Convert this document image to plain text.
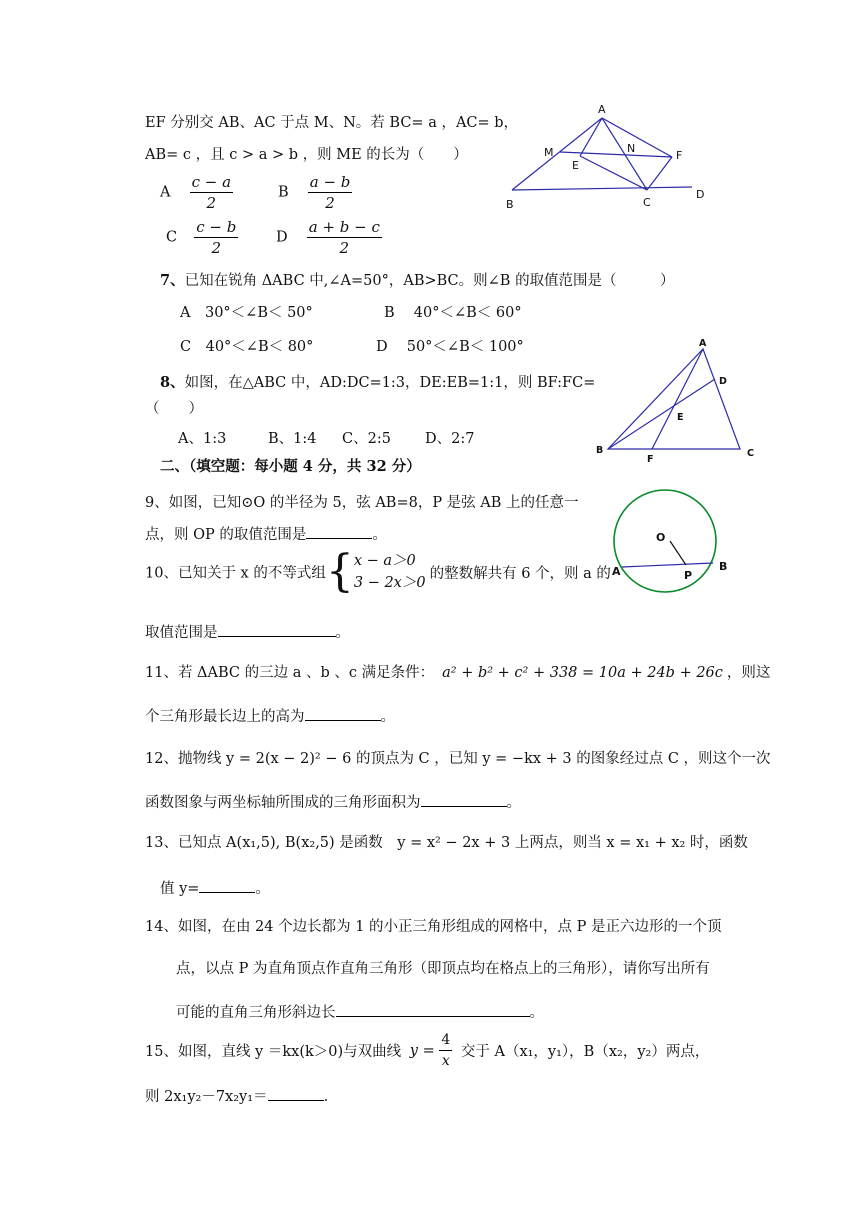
EF 分别交 AB、AC 于点 M、N。若 BC= a ，AC= b，
AB= c ，且 c > a > b ，则 ME 的长为（　　）
A $\frac{c - a}{2}$	B $\frac{a - b}{2}$
C $\frac{c - b}{2}$	D $\frac{a + b - c}{2}$
A
M	N
E
F
B	C
D
7、已知在锐角 ΔABC 中,∠A=50°，AB>BC。则∠B 的取值范围是（　　　）
A　30°＜∠B＜ 50°	B　 40°＜∠B＜ 60°
C　40°＜∠B＜ 80°	D　 50°＜∠B＜ 100°
8、如图，在△ABC 中，AD:DC=1:3，DE:EB=1:1，则 BF:FC=
（　　）
A、1:3	B、1:4 C、2:5 D、2:7
A
D
E
B
F
C
二、（填空题：每小题 4 分，共 32 分）
9、如图，已知⊙O 的半径为 5，弦 AB=8，P 是弦 AB 上的任意一
点，则 OP 的取值范围是	。	O
A	P
B
10、已知关于 x 的不等式组{ x − a＞0
3 − 2x＞0
的整数解共有 6 个，则 a 的
取值范围是	。
11、若 ΔABC 的三边 a 、b 、c 满足条件： a² + b² + c² + 338 = 10a + 24b + 26c ，则这
个三角形最长边上的高为	。
12、抛物线 y = 2(x − 2)² − 6 的顶点为 C ，已知 y = −kx + 3 的图象经过点 C ，则这个一次
函数图象与两坐标轴所围成的三角形面积为	。
13、已知点 A(x₁,5), B(x₂,5) 是函数　y = x² − 2x + 3 上两点，则当 x = x₁ + x₂ 时，函数
值 y=	。
14、如图，在由 24 个边长都为 1 的小正三角形组成的网格中，点 P 是正六边形的一个顶
点，以点 P 为直角顶点作直角三角形（即顶点均在格点上的三角形），请你写出所有
可能的直角三角形斜边长	。
15、如图，直线 y ＝kx(k＞0)与双曲线 $y = \frac{4}{x}$ 交于 A（x₁，y₁），B（x₂，y₂）两点，
则 2x₁y₂－7x₂y₁＝	.
